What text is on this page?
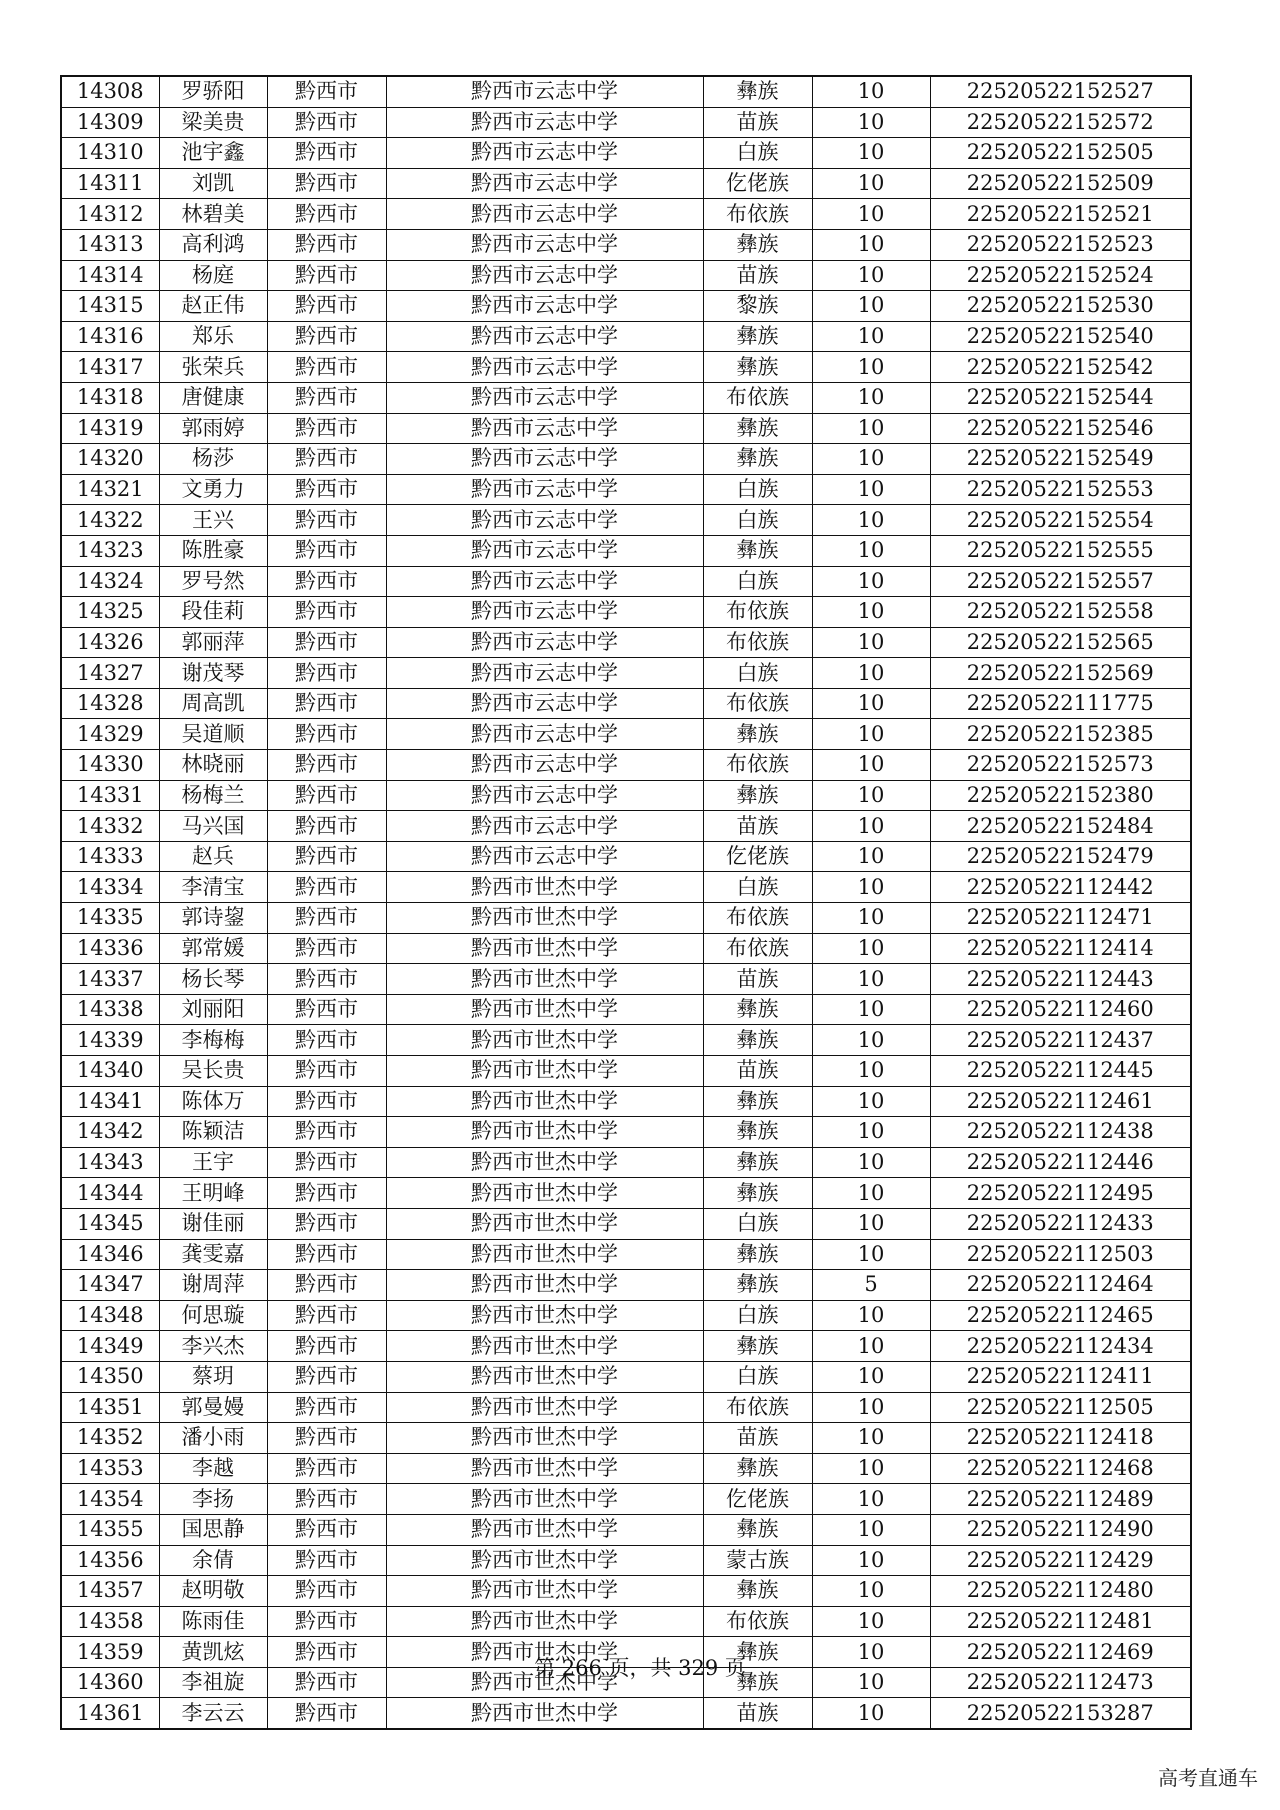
14308	罗骄阳	黔西市	黔西市云志中学	彝族	10	22520522152527
14309	梁美贵	黔西市	黔西市云志中学	苗族	10	22520522152572
14310	池宇鑫	黔西市	黔西市云志中学	白族	10	22520522152505
14311	刘凯	黔西市	黔西市云志中学	仡佬族	10	22520522152509
14312	林碧美	黔西市	黔西市云志中学	布依族	10	22520522152521
14313	高利鸿	黔西市	黔西市云志中学	彝族	10	22520522152523
14314	杨庭	黔西市	黔西市云志中学	苗族	10	22520522152524
14315	赵正伟	黔西市	黔西市云志中学	黎族	10	22520522152530
14316	郑乐	黔西市	黔西市云志中学	彝族	10	22520522152540
14317	张荣兵	黔西市	黔西市云志中学	彝族	10	22520522152542
14318	唐健康	黔西市	黔西市云志中学	布依族	10	22520522152544
14319	郭雨婷	黔西市	黔西市云志中学	彝族	10	22520522152546
14320	杨莎	黔西市	黔西市云志中学	彝族	10	22520522152549
14321	文勇力	黔西市	黔西市云志中学	白族	10	22520522152553
14322	王兴	黔西市	黔西市云志中学	白族	10	22520522152554
14323	陈胜豪	黔西市	黔西市云志中学	彝族	10	22520522152555
14324	罗号然	黔西市	黔西市云志中学	白族	10	22520522152557
14325	段佳莉	黔西市	黔西市云志中学	布依族	10	22520522152558
14326	郭丽萍	黔西市	黔西市云志中学	布依族	10	22520522152565
14327	谢茂琴	黔西市	黔西市云志中学	白族	10	22520522152569
14328	周高凯	黔西市	黔西市云志中学	布依族	10	22520522111775
14329	吴道顺	黔西市	黔西市云志中学	彝族	10	22520522152385
14330	林晓丽	黔西市	黔西市云志中学	布依族	10	22520522152573
14331	杨梅兰	黔西市	黔西市云志中学	彝族	10	22520522152380
14332	马兴国	黔西市	黔西市云志中学	苗族	10	22520522152484
14333	赵兵	黔西市	黔西市云志中学	仡佬族	10	22520522152479
14334	李清宝	黔西市	黔西市世杰中学	白族	10	22520522112442
14335	郭诗鋆	黔西市	黔西市世杰中学	布依族	10	22520522112471
14336	郭常媛	黔西市	黔西市世杰中学	布依族	10	22520522112414
14337	杨长琴	黔西市	黔西市世杰中学	苗族	10	22520522112443
14338	刘丽阳	黔西市	黔西市世杰中学	彝族	10	22520522112460
14339	李梅梅	黔西市	黔西市世杰中学	彝族	10	22520522112437
14340	吴长贵	黔西市	黔西市世杰中学	苗族	10	22520522112445
14341	陈体万	黔西市	黔西市世杰中学	彝族	10	22520522112461
14342	陈颖洁	黔西市	黔西市世杰中学	彝族	10	22520522112438
14343	王宇	黔西市	黔西市世杰中学	彝族	10	22520522112446
14344	王明峰	黔西市	黔西市世杰中学	彝族	10	22520522112495
14345	谢佳丽	黔西市	黔西市世杰中学	白族	10	22520522112433
14346	龚雯嘉	黔西市	黔西市世杰中学	彝族	10	22520522112503
14347	谢周萍	黔西市	黔西市世杰中学	彝族	5	22520522112464
14348	何思璇	黔西市	黔西市世杰中学	白族	10	22520522112465
14349	李兴杰	黔西市	黔西市世杰中学	彝族	10	22520522112434
14350	蔡玥	黔西市	黔西市世杰中学	白族	10	22520522112411
14351	郭曼嫚	黔西市	黔西市世杰中学	布依族	10	22520522112505
14352	潘小雨	黔西市	黔西市世杰中学	苗族	10	22520522112418
14353	李越	黔西市	黔西市世杰中学	彝族	10	22520522112468
14354	李扬	黔西市	黔西市世杰中学	仡佬族	10	22520522112489
14355	国思静	黔西市	黔西市世杰中学	彝族	10	22520522112490
14356	余倩	黔西市	黔西市世杰中学	蒙古族	10	22520522112429
14357	赵明敬	黔西市	黔西市世杰中学	彝族	10	22520522112480
14358	陈雨佳	黔西市	黔西市世杰中学	布依族	10	22520522112481
14359	黄凯炫	黔西市	黔西市世杰中学	彝族	10	22520522112469
14360	李祖旋	黔西市	黔西市世杰中学	彝族	10	22520522112473
14361	李云云	黔西市	黔西市世杰中学	苗族	10	22520522153287
第 266 页，共 329 页
高考直通车
